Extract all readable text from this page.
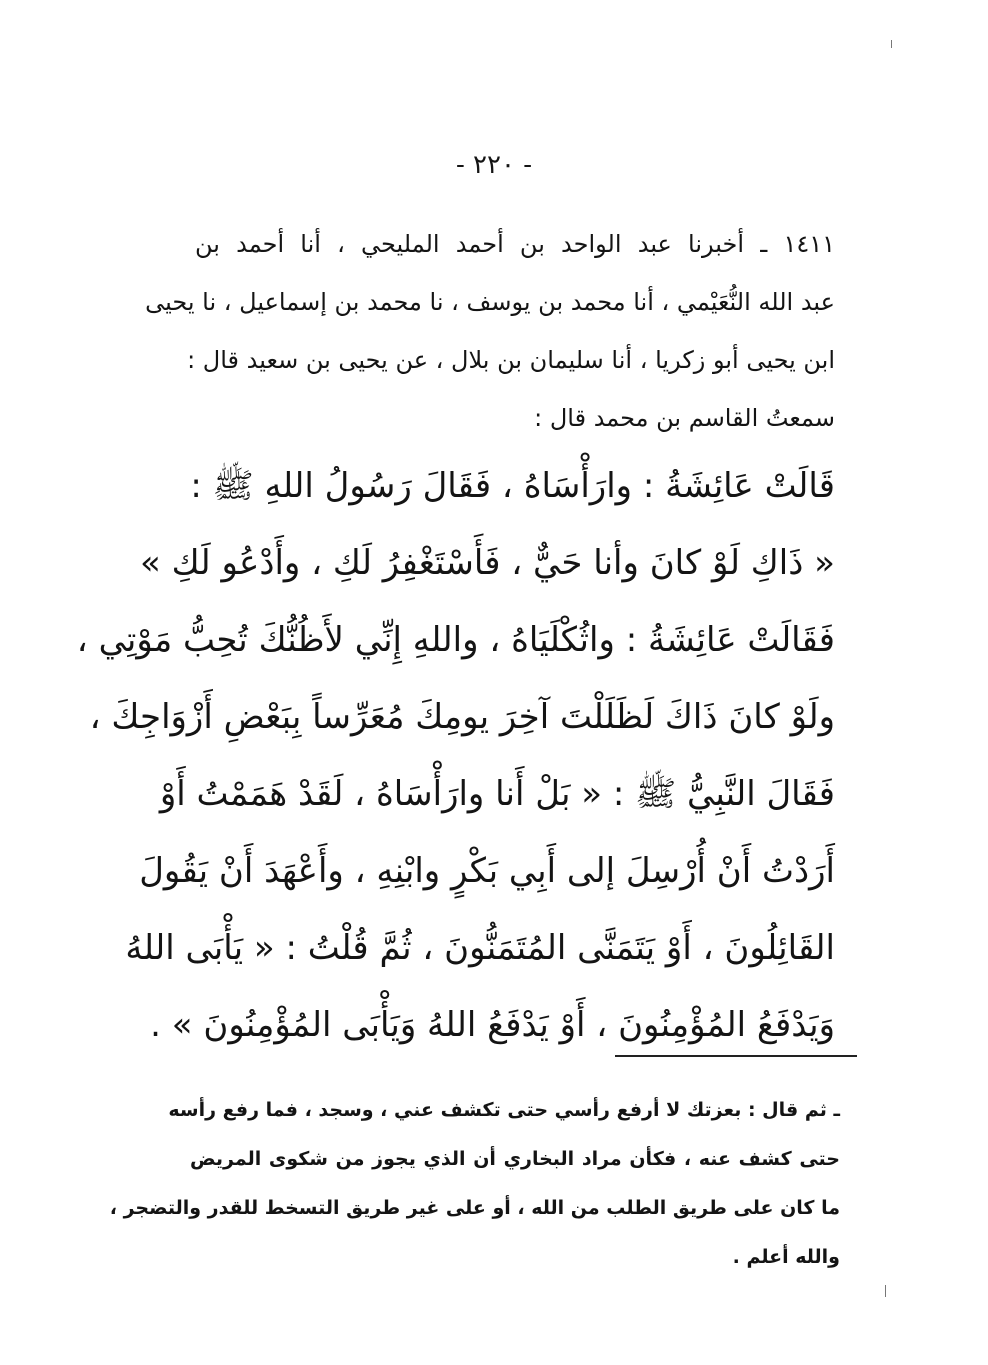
- ٢٢٠ -

١٤١١ ـ أخبرنا عبد الواحد بن أحمد المليحي ، أنا أحمد بن

عبد الله النُّعَيْمي ، أنا محمد بن يوسف ، نا محمد بن إسماعيل ، نا يحيى

ابن يحيى أبو زكريا ، أنا سليمان بن بلال ، عن يحيى بن سعيد قال :

سمعتُ القاسم بن محمد قال :

قَالَتْ عَائِشَةُ : وارَأْسَاهُ ، فَقَالَ رَسُولُ اللهِ ﷺ :

« ذَاكِ لَوْ كانَ وأنا حَيٌّ ، فَأَسْتَغْفِرُ لَكِ ، وأَدْعُو لَكِ »

فَقَالَتْ عَائِشَةُ : واثُكْلَيَاهُ ، واللهِ إِنِّي لأَظُنُّكَ تُحِبُّ مَوْتِي ،

ولَوْ كانَ ذَاكَ لَظَلَلْتَ آخِرَ يومِكَ مُعَرِّساً بِبَعْضِ أَزْوَاجِكَ ،

فَقَالَ النَّبِيُّ ﷺ : « بَلْ أَنا وارَأْسَاهُ ، لَقَدْ هَمَمْتُ أَوْ

أَرَدْتُ أَنْ أُرْسِلَ إلى أَبِي بَكْرٍ وابْنِهِ ، وأَعْهَدَ أَنْ يَقُولَ

القَائِلُونَ ، أَوْ يَتَمَنَّى المُتَمَنُّونَ ، ثُمَّ قُلْتُ : « يَأْبَى اللهُ

وَيَدْفَعُ المُؤْمِنُونَ ، أَوْ يَدْفَعُ اللهُ وَيَأْبَى المُؤْمِنُونَ » .

ـ ثم قال : بعزتك لا أرفع رأسي حتى تكشف عني ، وسجد ، فما رفع رأسه

حتى كشف عنه ، فكأن مراد البخاري أن الذي يجوز من شكوى المريض

ما كان على طريق الطلب من الله ، أو على غير طريق التسخط للقدر والتضجر ،

والله أعلم .
